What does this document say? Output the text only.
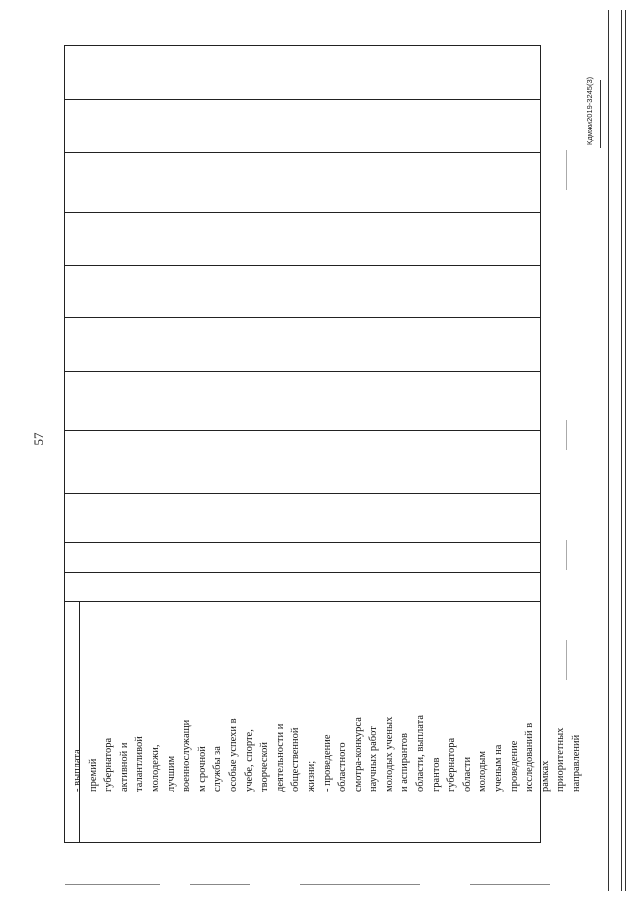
57
- выплата
премий
губернатора
активной и
талантливой
молодежи,
лучшим
военнослужащи
м срочной
службы за
особые успехи в
учебе, спорте,
творческой
деятельности и
общественной
жизни;
- проведение
областного
смотра-конкурса
научных работ
молодых ученых
и аспирантов
области, выплата
грантов
губернатора
области
молодым
ученым на
проведение
исследований в
рамках
приоритетных
направлений
Кдмжи2019-3245(3)
